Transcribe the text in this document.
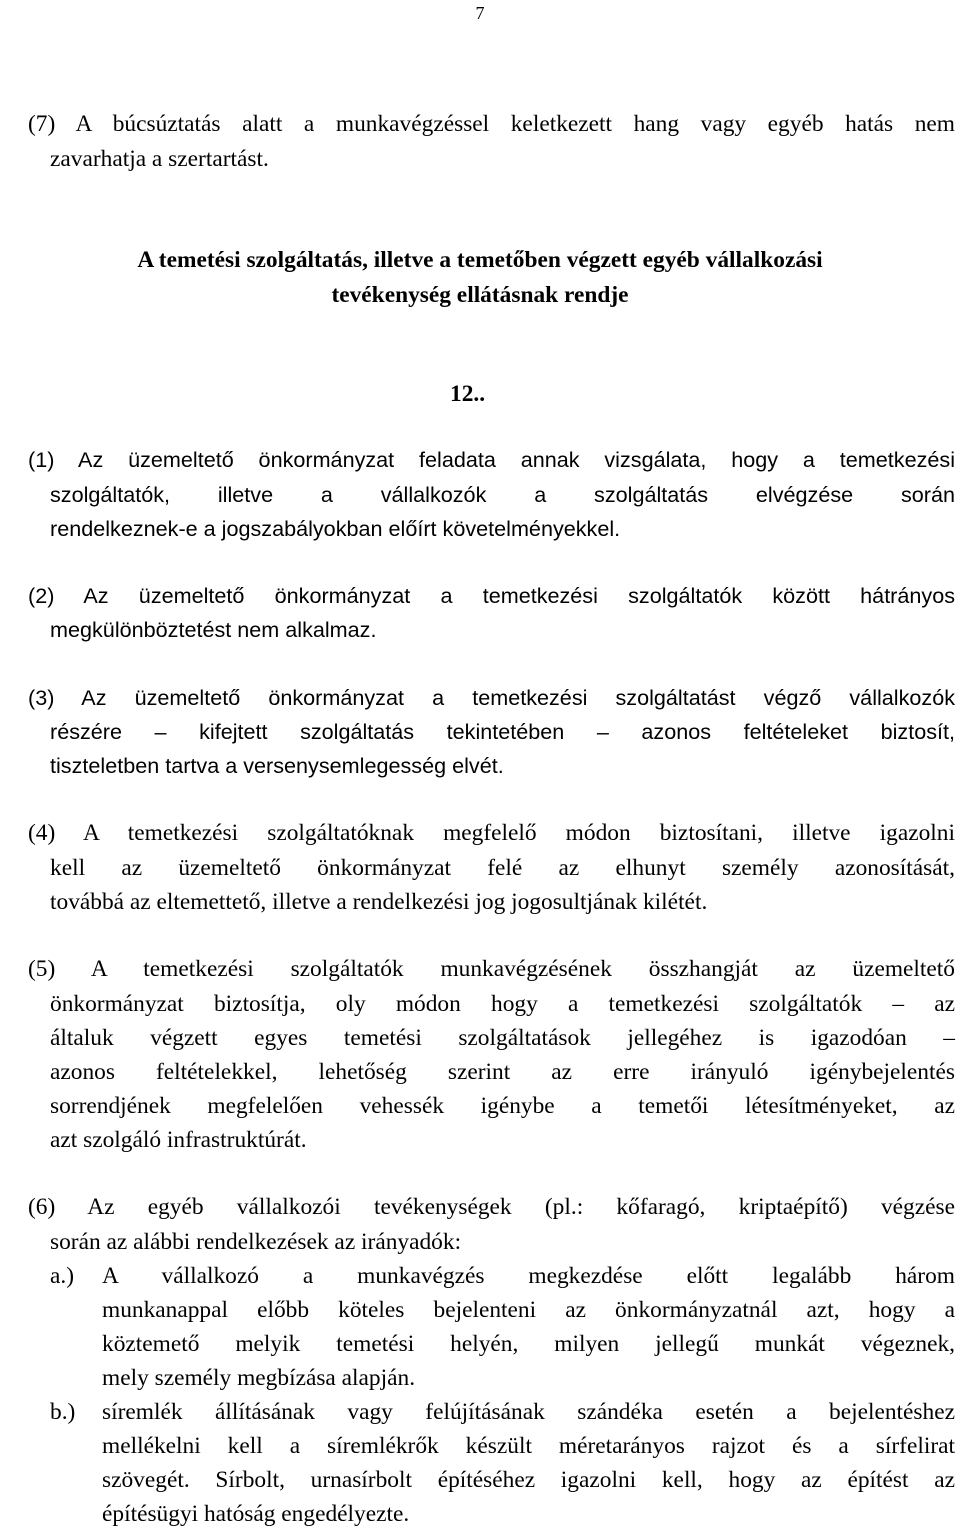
7
(7) A búcsúztatás alatt a munkavégzéssel keletkezett hang vagy egyéb hatás nem
zavarhatja a szertartást.
A temetési szolgáltatás, illetve a temetőben végzett egyéb vállalkozási
tevékenység ellátásnak rendje
12..
(1) Az üzemeltető önkormányzat feladata annak vizsgálata, hogy a temetkezési
szolgáltatók, illetve a vállalkozók a szolgáltatás elvégzése során
rendelkeznek-e a jogszabályokban előírt követelményekkel.
(2) Az üzemeltető önkormányzat a temetkezési szolgáltatók között hátrányos
megkülönböztetést nem alkalmaz.
(3) Az üzemeltető önkormányzat a temetkezési szolgáltatást végző vállalkozók
részére – kifejtett szolgáltatás tekintetében – azonos feltételeket biztosít,
tiszteletben tartva a versenysemlegesség elvét.
(4) A temetkezési szolgáltatóknak megfelelő módon biztosítani, illetve igazolni
kell az üzemeltető önkormányzat felé az elhunyt személy azonosítását,
továbbá az eltemettető, illetve a rendelkezési jog jogosultjának kilétét.
(5) A temetkezési szolgáltatók munkavégzésének összhangját az üzemeltető
önkormányzat biztosítja, oly módon hogy a temetkezési szolgáltatók – az
általuk végzett egyes temetési szolgáltatások jellegéhez is igazodóan –
azonos feltételekkel, lehetőség szerint az erre irányuló igénybejelentés
sorrendjének megfelelően vehessék igénybe a temetői létesítményeket, az
azt szolgáló infrastruktúrát.
(6) Az egyéb vállalkozói tevékenységek (pl.: kőfaragó, kriptaépítő) végzése
során az alábbi rendelkezések az irányadók:
a.) A vállalkozó a munkavégzés megkezdése előtt legalább három
munkanappal előbb köteles bejelenteni az önkormányzatnál azt, hogy a
köztemető melyik temetési helyén, milyen jellegű munkát végeznek,
mely személy megbízása alapján.
b.) síremlék állításának vagy felújításának szándéka esetén a bejelentéshez
mellékelni kell a síremlékrők készült méretarányos rajzot és a sírfelirat
szövegét. Sírbolt, urnasírbolt építéséhez igazolni kell, hogy az építést az
építésügyi hatóság engedélyezte.
